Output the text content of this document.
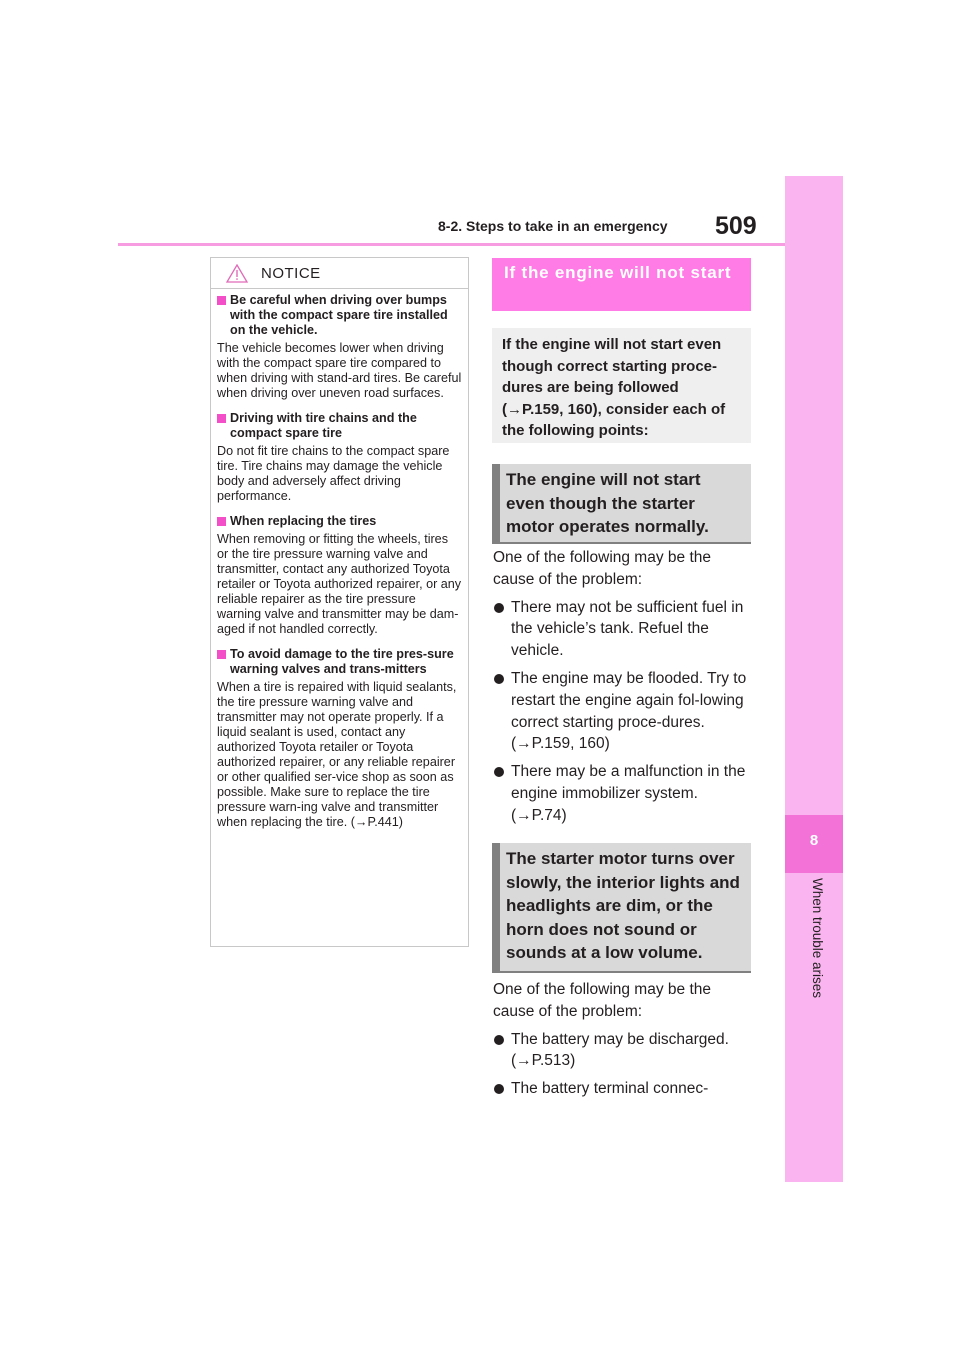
8-2. Steps to take in an emergency 509
8
When trouble arises
NOTICE
Be careful when driving over bumps with the compact spare tire installed on the vehicle.
The vehicle becomes lower when driving with the compact spare tire compared to when driving with stand-ard tires. Be careful when driving over uneven road surfaces.
Driving with tire chains and the compact spare tire
Do not fit tire chains to the compact spare tire. Tire chains may damage the vehicle body and adversely affect driving performance.
When replacing the tires
When removing or fitting the wheels, tires or the tire pressure warning valve and transmitter, contact any authorized Toyota retailer or Toyota authorized repairer, or any reliable repairer as the tire pressure warning valve and transmitter may be dam-aged if not handled correctly.
To avoid damage to the tire pres-sure warning valves and trans-mitters
When a tire is repaired with liquid sealants, the tire pressure warning valve and transmitter may not operate properly. If a liquid sealant is used, contact any authorized Toyota retailer or Toyota authorized repairer, or any reliable repairer or other qualified ser-vice shop as soon as possible. Make sure to replace the tire pressure warn-ing valve and transmitter when replacing the tire. (→P.441)
If the engine will not start
If the engine will not start even though correct starting proce-dures are being followed (→P.159, 160), consider each of the following points:
The engine will not start even though the starter motor operates normally.
One of the following may be the cause of the problem:
There may not be sufficient fuel in the vehicle’s tank. Refuel the vehicle.
The engine may be flooded. Try to restart the engine again fol-lowing correct starting proce-dures. (→P.159, 160)
There may be a malfunction in the engine immobilizer system. (→P.74)
The starter motor turns over slowly, the interior lights and headlights are dim, or the horn does not sound or sounds at a low volume.
One of the following may be the cause of the problem:
The battery may be discharged. (→P.513)
The battery terminal connec-
